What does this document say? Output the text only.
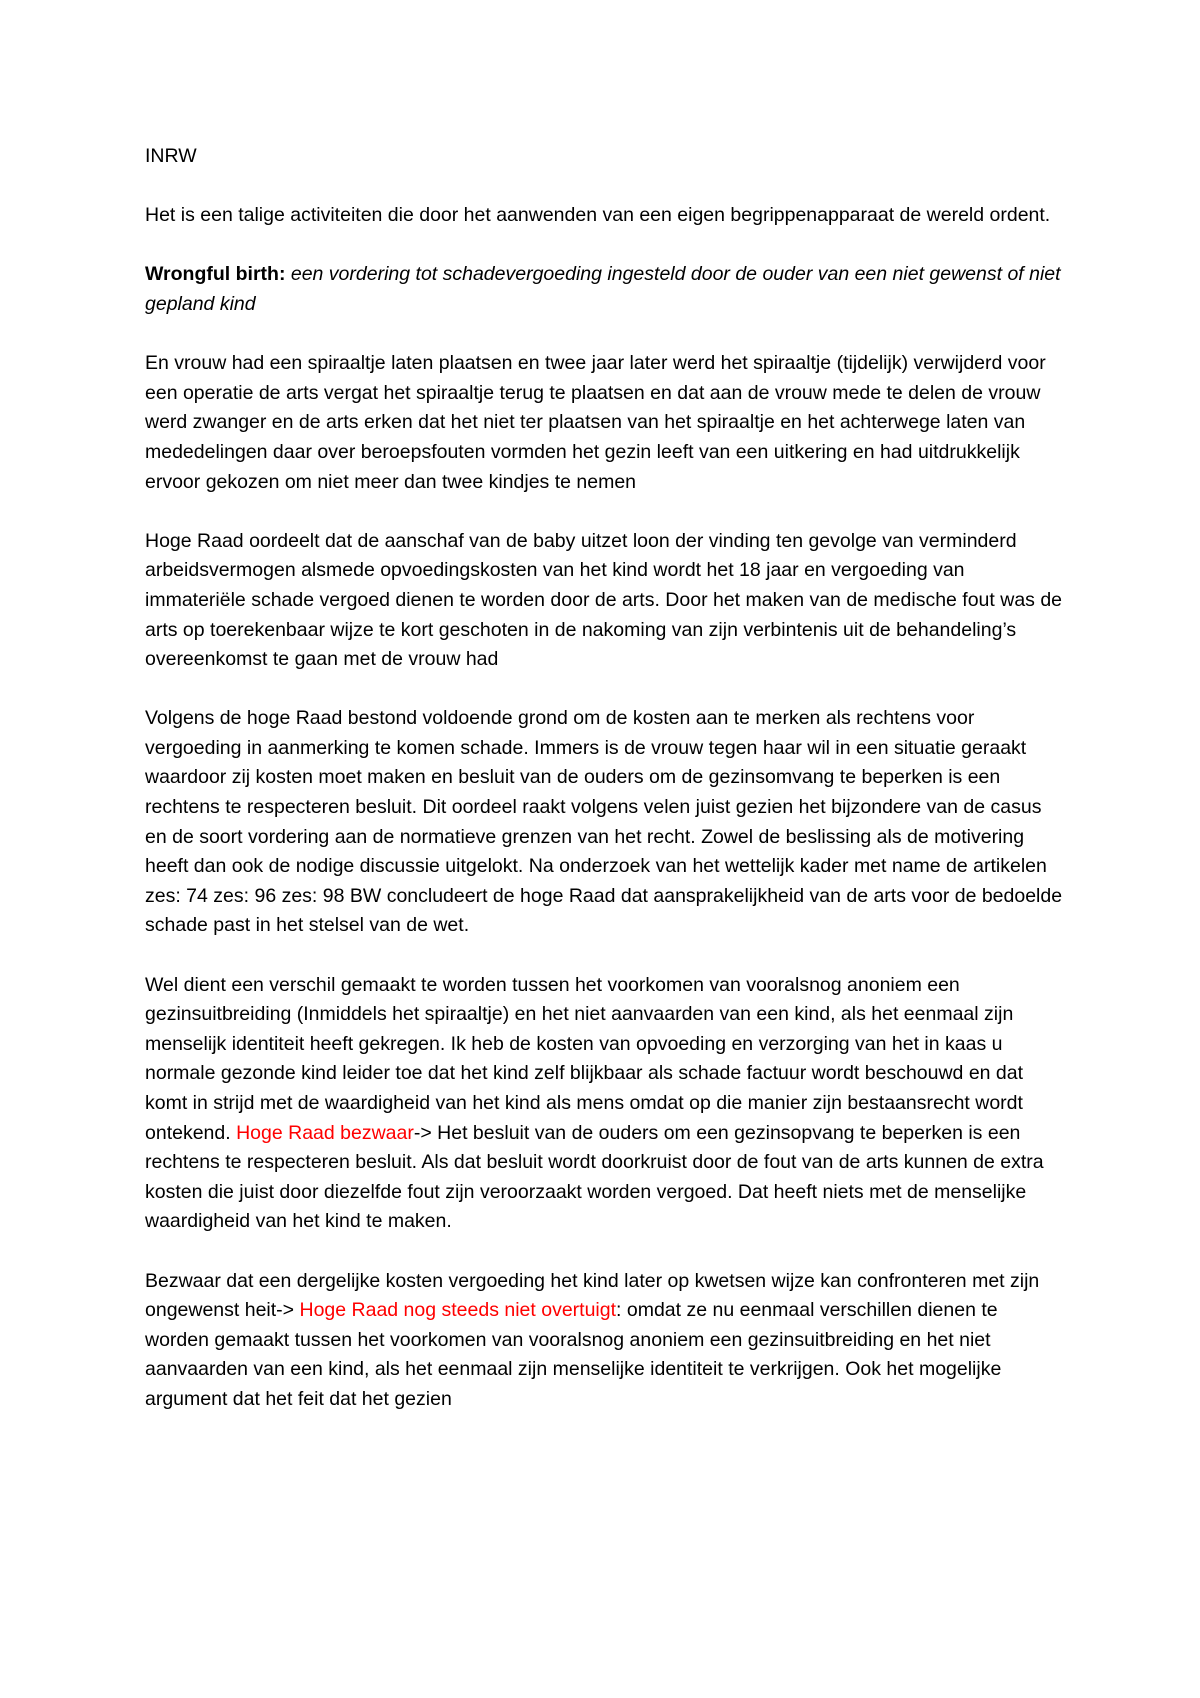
INRW

Het is een talige activiteiten die door het aanwenden van een eigen begrippenapparaat de wereld ordent.

Wrongful birth: een vordering tot schadevergoeding ingesteld door de ouder van een niet gewenst of niet gepland kind

En vrouw had een spiraaltje laten plaatsen en twee jaar later werd het spiraaltje (tijdelijk) verwijderd voor een operatie de arts vergat het spiraaltje terug te plaatsen en dat aan de vrouw mede te delen de vrouw werd zwanger en de arts erken dat het niet ter plaatsen van het spiraaltje en het achterwege laten van mededelingen daar over beroepsfouten vormden het gezin leeft van een uitkering en had uitdrukkelijk ervoor gekozen om niet meer dan twee kindjes te nemen

Hoge Raad oordeelt dat de aanschaf van de baby uitzet loon der vinding ten gevolge van verminderd arbeidsvermogen alsmede opvoedingskosten van het kind wordt het 18 jaar en vergoeding van immateriële schade vergoed dienen te worden door de arts. Door het maken van de medische fout was de arts op toerekenbaar wijze te kort geschoten in de nakoming van zijn verbintenis uit de behandeling’s overeenkomst te gaan met de vrouw had

Volgens de hoge Raad bestond voldoende grond om de kosten aan te merken als rechtens voor vergoeding in aanmerking te komen schade. Immers is de vrouw tegen haar wil in een situatie geraakt waardoor zij kosten moet maken en besluit van de ouders om de gezinsomvang te beperken is een rechtens te respecteren besluit. Dit oordeel raakt volgens velen juist gezien het bijzondere van de casus en de soort vordering aan de normatieve grenzen van het recht. Zowel de beslissing als de motivering heeft dan ook de nodige discussie uitgelokt. Na onderzoek van het wettelijk kader met name de artikelen zes: 74 zes: 96 zes: 98 BW concludeert de hoge Raad dat aansprakelijkheid van de arts voor de bedoelde schade past in het stelsel van de wet.

Wel dient een verschil gemaakt te worden tussen het voorkomen van vooralsnog anoniem een gezinsuitbreiding (Inmiddels het spiraaltje) en het niet aanvaarden van een kind, als het eenmaal zijn menselijk identiteit heeft gekregen. Ik heb de kosten van opvoeding en verzorging van het in kaas u normale gezonde kind leider toe dat het kind zelf blijkbaar als schade factuur wordt beschouwd en dat komt in strijd met de waardigheid van het kind als mens omdat op die manier zijn bestaansrecht wordt ontekend. Hoge Raad bezwaar-> Het besluit van de ouders om een gezinsopvang te beperken is een rechtens te respecteren besluit. Als dat besluit wordt doorkruist door de fout van de arts kunnen de extra kosten die juist door diezelfde fout zijn veroorzaakt worden vergoed. Dat heeft niets met de menselijke waardigheid van het kind te maken.

Bezwaar dat een dergelijke kosten vergoeding het kind later op kwetsen wijze kan confronteren met zijn ongewenst heit-> Hoge Raad nog steeds niet overtuigt: omdat ze nu eenmaal verschillen dienen te worden gemaakt tussen het voorkomen van vooralsnog anoniem een gezinsuitbreiding en het niet aanvaarden van een kind, als het eenmaal zijn menselijke identiteit te verkrijgen. Ook het mogelijke argument dat het feit dat het gezien
